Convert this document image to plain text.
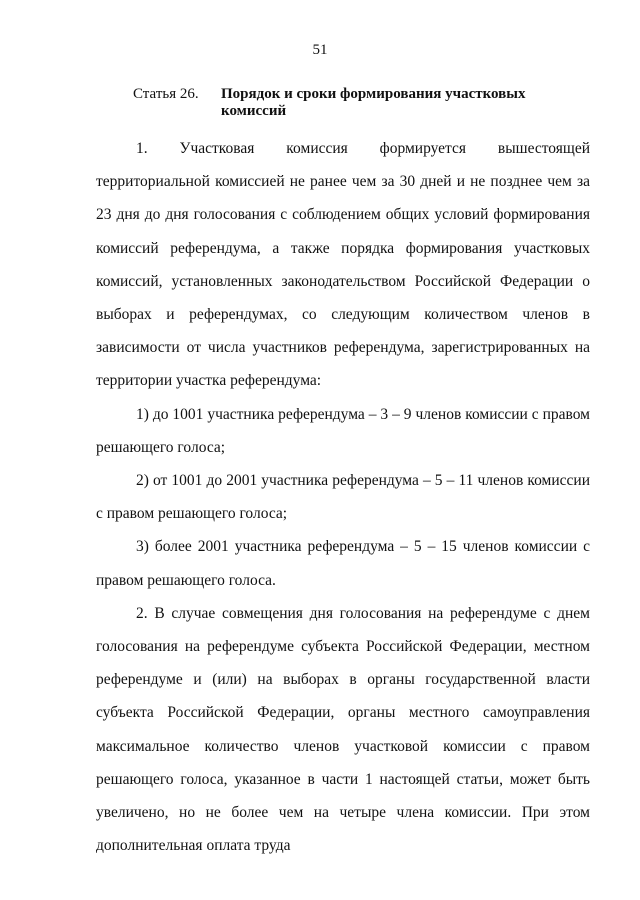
51
Статья 26. Порядок и сроки формирования участковых комиссий

1. Участковая комиссия формируется вышестоящей территориальной комиссией не ранее чем за 30 дней и не позднее чем за 23 дня до дня голосования с соблюдением общих условий формирования комиссий референдума, а также порядка формирования участковых комиссий, установленных законодательством Российской Федерации о выборах и референдумах, со следующим количеством членов в зависимости от числа участников референдума, зарегистрированных на территории участка референдума:

1) до 1001 участника референдума – 3 – 9 членов комиссии с правом решающего голоса;

2) от 1001 до 2001 участника референдума – 5 – 11 членов комиссии с правом решающего голоса;

3) более 2001 участника референдума – 5 – 15 членов комиссии с правом решающего голоса.

2. В случае совмещения дня голосования на референдуме с днем голосования на референдуме субъекта Российской Федерации, местном референдуме и (или) на выборах в органы государственной власти субъекта Российской Федерации, органы местного самоуправления максимальное количество членов участковой комиссии с правом решающего голоса, указанное в части 1 настоящей статьи, может быть увеличено, но не более чем на четыре члена комиссии. При этом дополнительная оплата труда
